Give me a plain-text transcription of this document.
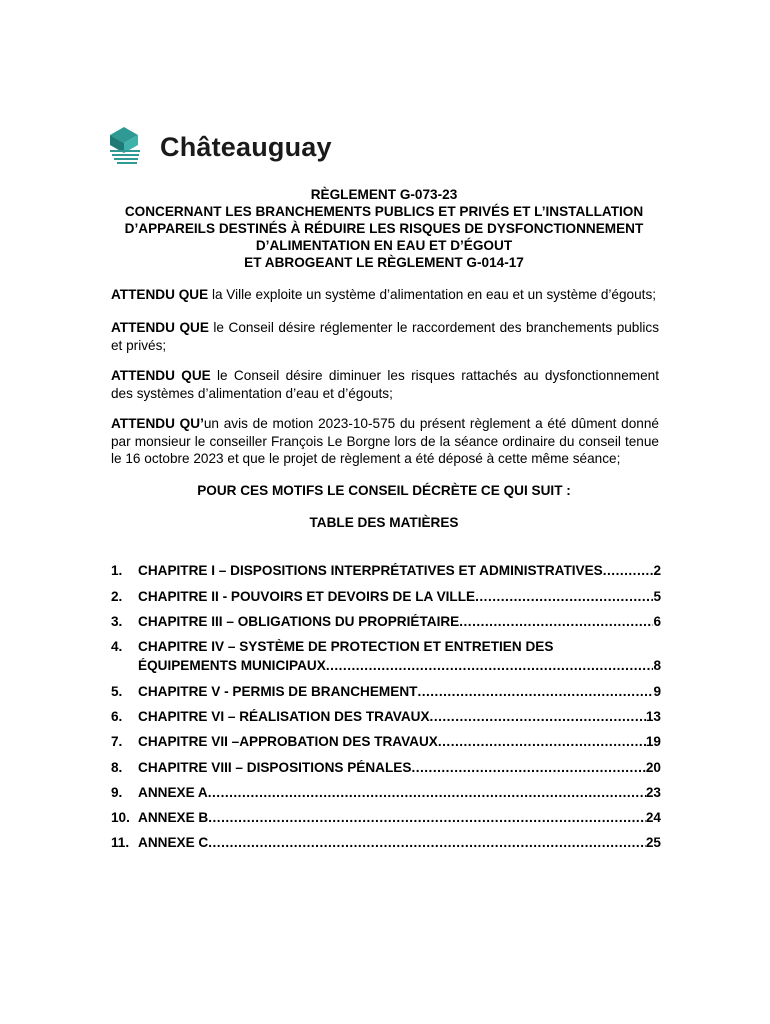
Châteauguay
RÈGLEMENT G-073-23
CONCERNANT LES BRANCHEMENTS PUBLICS ET PRIVÉS ET L’INSTALLATION
D’APPAREILS DESTINÉS À RÉDUIRE LES RISQUES DE DYSFONCTIONNEMENT
D’ALIMENTATION EN EAU ET D’ÉGOUT
ET ABROGEANT LE RÈGLEMENT G-014-17
ATTENDU QUE la Ville exploite un système d’alimentation en eau et un système d’égouts;
ATTENDU QUE le Conseil désire réglementer le raccordement des branchements publics et privés;
ATTENDU QUE le Conseil désire diminuer les risques rattachés au dysfonctionnement des systèmes d’alimentation d’eau et d’égouts;
ATTENDU QU’un avis de motion 2023-10-575 du présent règlement a été dûment donné par monsieur le conseiller François Le Borgne lors de la séance ordinaire du conseil tenue le 16 octobre 2023 et que le projet de règlement a été déposé à cette même séance;
POUR CES MOTIFS LE CONSEIL DÉCRÈTE CE QUI SUIT :
TABLE DES MATIÈRES
1.	CHAPITRE I – DISPOSITIONS INTERPRÉTATIVES ET ADMINISTRATIVES .....	2
2.	CHAPITRE II - POUVOIRS ET DEVOIRS DE LA VILLE .....	5
3.	CHAPITRE III – OBLIGATIONS DU PROPRIÉTAIRE .....	6
4.	CHAPITRE IV – SYSTÈME DE PROTECTION ET ENTRETIEN DES
ÉQUIPEMENTS MUNICIPAUX .....	8
5.	CHAPITRE V - PERMIS DE BRANCHEMENT .....	9
6.	CHAPITRE VI – RÉALISATION DES TRAVAUX .....	13
7.	CHAPITRE VII –APPROBATION DES TRAVAUX .....	19
8.	CHAPITRE VIII – DISPOSITIONS PÉNALES .....	20
9.	ANNEXE A .....	23
10. ANNEXE B .....	24
11. ANNEXE C .....	25
